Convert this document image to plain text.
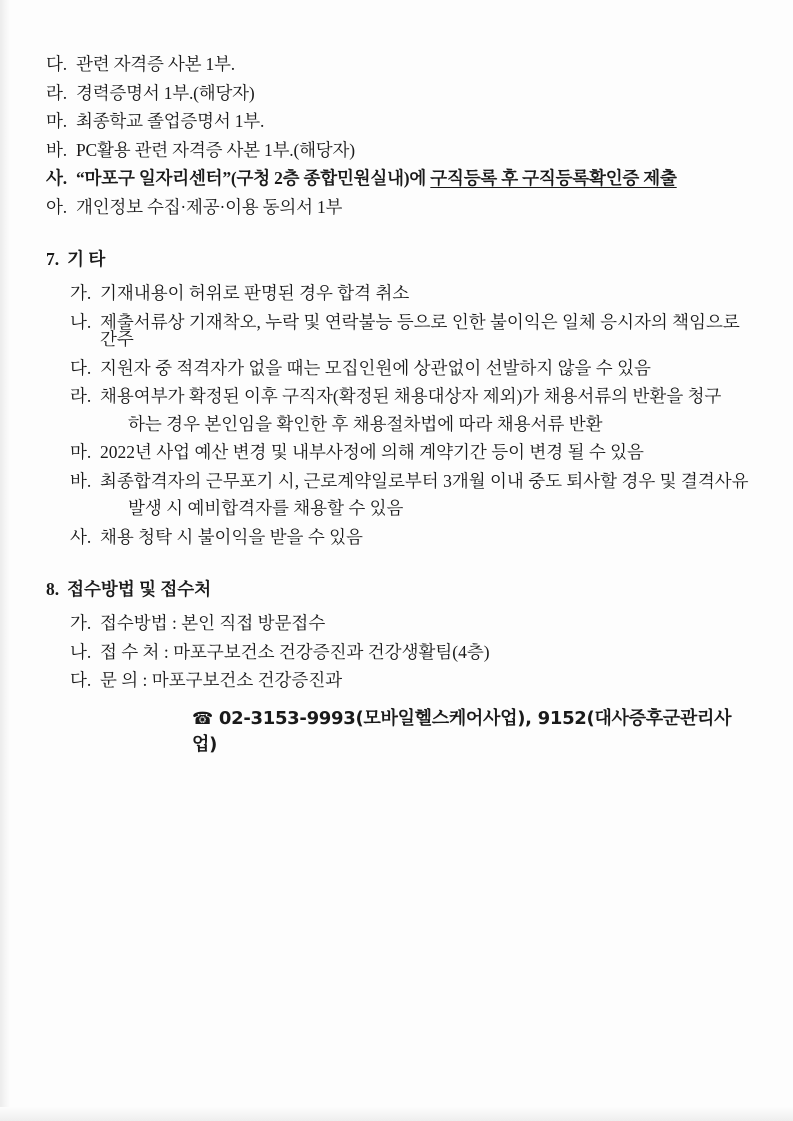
다. 관련 자격증 사본 1부.
라. 경력증명서 1부.(해당자)
마. 최종학교 졸업증명서 1부.
바. PC활용 관련 자격증 사본 1부.(해당자)
사. “마포구 일자리센터”(구청 2층 종합민원실내)에 구직등록 후 구직등록확인증 제출
아. 개인정보 수집·제공·이용 동의서 1부
7. 기 타
가. 기재내용이 허위로 판명된 경우 합격 취소
나. 제출서류상 기재착오, 누락 및 연락불능 등으로 인한 불이익은 일체 응시자의 책임으로 간주
다. 지원자 중 적격자가 없을 때는 모집인원에 상관없이 선발하지 않을 수 있음
라. 채용여부가 확정된 이후 구직자(확정된 채용대상자 제외)가 채용서류의 반환을 청구
하는 경우 본인임을 확인한 후 채용절차법에 따라 채용서류 반환
마. 2022년 사업 예산 변경 및 내부사정에 의해 계약기간 등이 변경 될 수 있음
바. 최종합격자의 근무포기 시, 근로계약일로부터 3개월 이내 중도 퇴사할 경우 및 결격사유
발생 시 예비합격자를 채용할 수 있음
사. 채용 청탁 시 불이익을 받을 수 있음
8. 접수방법 및 접수처
가. 접수방법 : 본인 직접 방문접수
나. 접 수 처 : 마포구보건소 건강증진과 건강생활팀(4층)
다. 문 의 : 마포구보건소 건강증진과
☎ 02-3153-9993(모바일헬스케어사업), 9152(대사증후군관리사업)
